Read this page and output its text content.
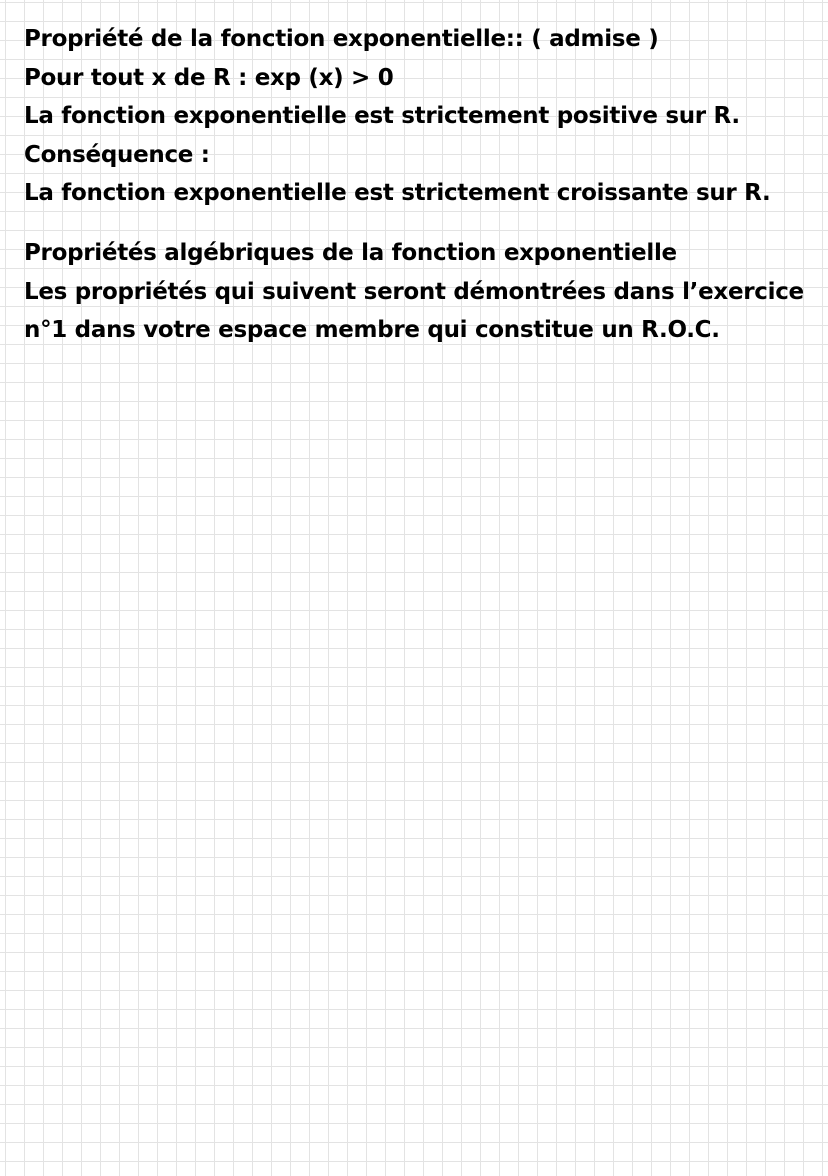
Propriété de la fonction exponentielle:: ( admise )

Pour tout x de R : exp (x) > 0

La fonction exponentielle est strictement positive sur R.

Conséquence :

La fonction exponentielle est strictement croissante sur R.

Propriétés algébriques de la fonction exponentielle

Les propriétés qui suivent seront démontrées dans l’exercice

n°1 dans votre espace membre qui constitue un R.O.C.
